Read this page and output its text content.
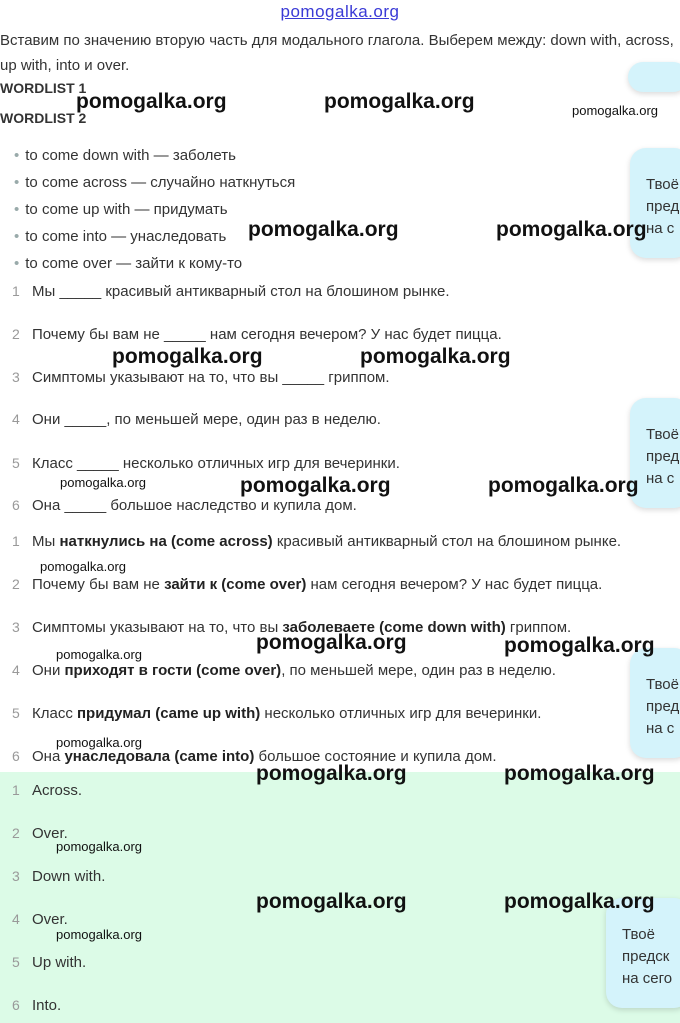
pomogalka.org
Вставим по значению вторую часть для модального глагола. Выберем между: down with, across, up with, into и over.
WORDLIST 1
WORDLIST 2
• to come down with — заболеть
• to come across — случайно наткнуться
• to come up with — придумать
• to come into — унаследовать
• to come over — зайти к кому-то
1 Мы _____ красивый антикварный стол на блошином рынке.
2 Почему бы вам не _____ нам сегодня вечером? У нас будет пицца.
3 Симптомы указывают на то, что вы _____ гриппом.
4 Они _____, по меньшей мере, один раз в неделю.
5 Класс _____ несколько отличных игр для вечеринки.
6 Она _____ большое наследство и купила дом.
1 Мы наткнулись на (come across) красивый антикварный стол на блошином рынке.
2 Почему бы вам не зайти к (come over) нам сегодня вечером? У нас будет пицца.
3 Симптомы указывают на то, что вы заболеваете (come down with) гриппом.
4 Они приходят в гости (come over), по меньшей мере, один раз в неделю.
5 Класс придумал (came up with) несколько отличных игр для вечеринки.
6 Она унаследовала (came into) большое состояние и купила дом.
1 Across.
2 Over.
3 Down with.
4 Over.
5 Up with.
6 Into.
Твоё
пред
на с
Твоё
пред
на с
Твоё
пред
на с
Твоё
предск
на сего
pomogalka.org	pomogalka.org	pomogalka.org
pomogalka.org	pomogalka.org
pomogalka.org	pomogalka.org
pomogalka.org	pomogalka.org	pomogalka.org
pomogalka.org
pomogalka.org	pomogalka.org
pomogalka.org
pomogalka.org
pomogalka.org	pomogalka.org
pomogalka.org
pomogalka.org	pomogalka.org
pomogalka.org
